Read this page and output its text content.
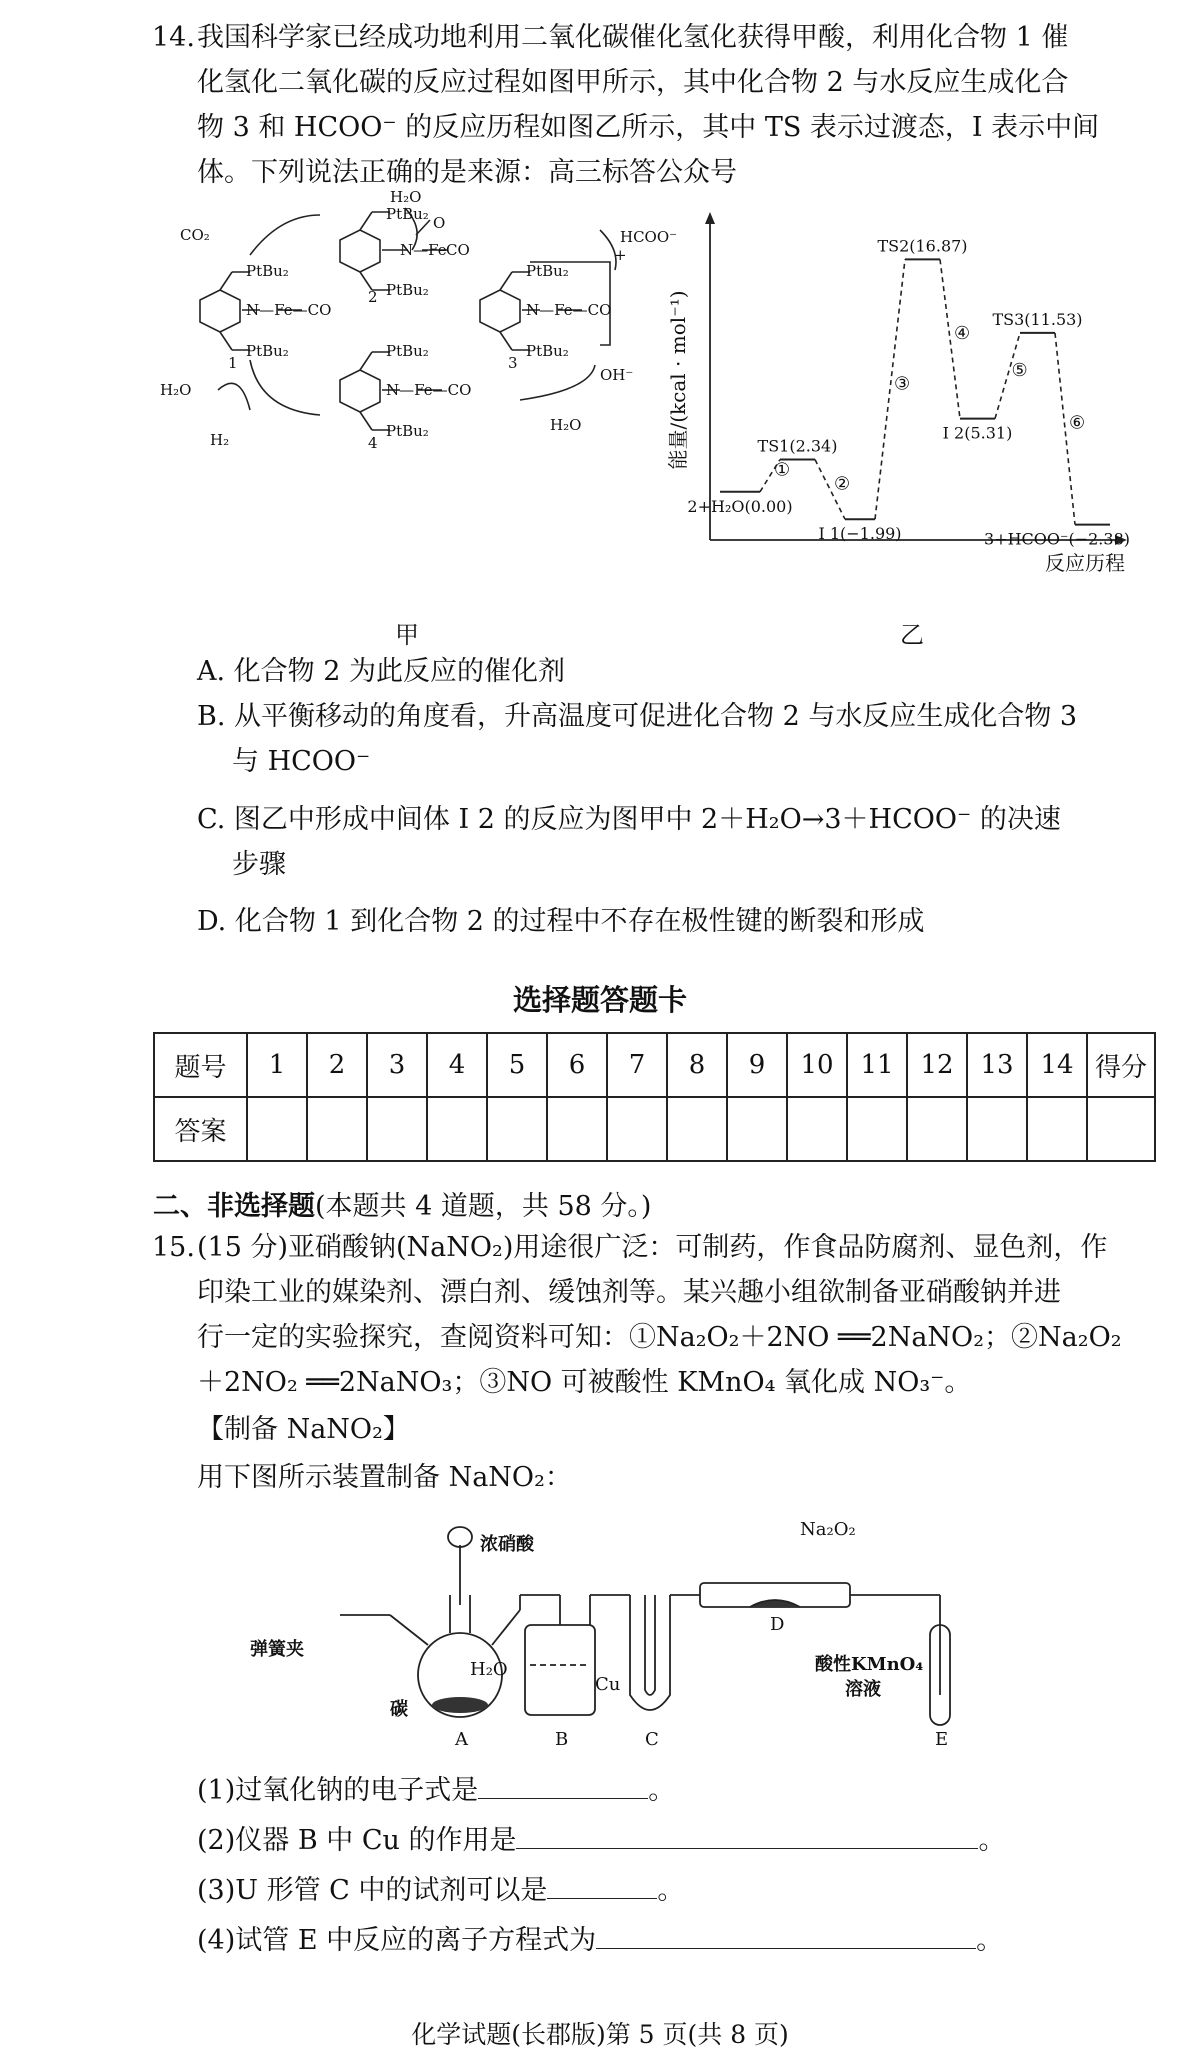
14. 我国科学家已经成功地利用二氧化碳催化氢化获得甲酸，利用化合物 1 催
化氢化二氧化碳的反应过程如图甲所示，其中化合物 2 与水反应生成化合
物 3 和 HCOO⁻ 的反应历程如图乙所示，其中 TS 表示过渡态，Ⅰ 表示中间
体。下列说法正确的是来源：高三标答公众号
PtBu₂
N—Fe CO
O
PtBu₂
2
CO₂
H₂O
HCOO⁻
PtBu₂
N—Fe—CO
PtBu₂
1
PtBu₂
N—Fe—CO
PtBu₂
3
+
PtBu₂
N—Fe—CO
PtBu₂
4
OH⁻
H₂O
H₂O
H₂
甲
能量/(kcal · mol⁻¹)
反应历程
①
2+H₂O(0.00)
②
TS1(2.34)
③
Ⅰ 1(−1.99)
④
TS2(16.87)
⑤
Ⅰ 2(5.31)	⑥
TS3(11.53)
3+HCOO⁻(−2.38)
乙
A. 化合物 2 为此反应的催化剂
B. 从平衡移动的角度看，升高温度可促进化合物 2 与水反应生成化合物 3
与 HCOO⁻
C. 图乙中形成中间体 Ⅰ 2 的反应为图甲中 2＋H₂O→3＋HCOO⁻ 的决速
步骤
D. 化合物 1 到化合物 2 的过程中不存在极性键的断裂和形成
选择题答题卡
题号	1	2	3	4	5	6	7	8	9	10	11	12	13	14	得分
答案															
二、非选择题(本题共 4 道题，共 58 分。)
15. (15 分)亚硝酸钠(NaNO₂)用途很广泛：可制药，作食品防腐剂、显色剂，作
印染工业的媒染剂、漂白剂、缓蚀剂等。某兴趣小组欲制备亚硝酸钠并进
行一定的实验探究，查阅资料可知：①Na₂O₂＋2NO ══2NaNO₂；②Na₂O₂
＋2NO₂ ══2NaNO₃；③NO 可被酸性 KMnO₄ 氧化成 NO₃⁻。
【制备 NaNO₂】
用下图所示装置制备 NaNO₂：
浓硝酸
弹簧夹
碳
H₂O
Cu
Na₂O₂
酸性KMnO₄
溶液
A	B	C
D
E
(1)过氧化钠的电子式是	。
(2)仪器 B 中 Cu 的作用是	。
(3)U 形管 C 中的试剂可以是	。
(4)试管 E 中反应的离子方程式为	。
化学试题(长郡版)第 5 页(共 8 页)
